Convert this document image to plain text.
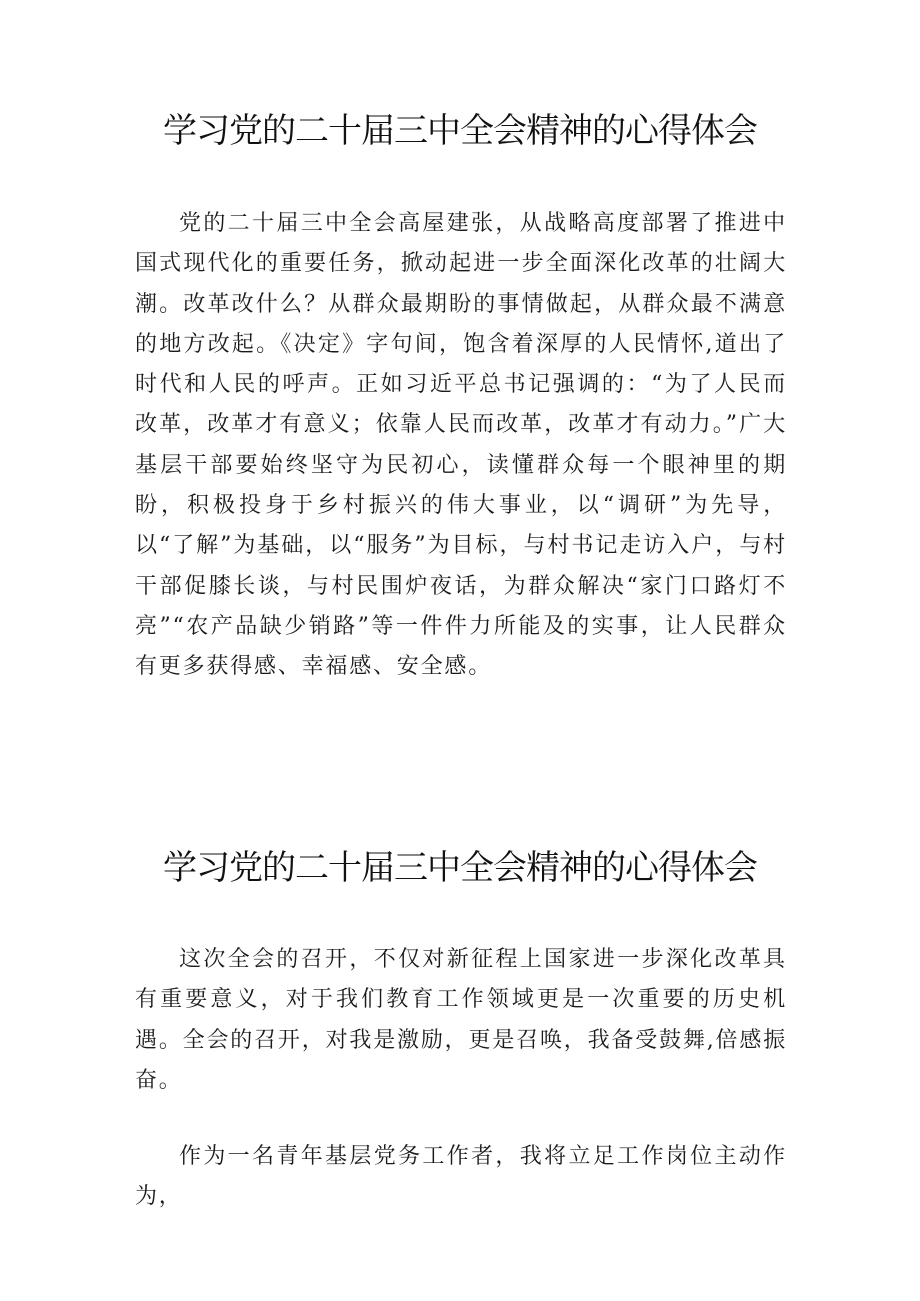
学习党的二十届三中全会精神的心得体会

党的二十届三中全会高屋建张，从战略高度部署了推进中国式现代化的重要任务，掀动起进一步全面深化改革的壮阔大潮。改革改什么？从群众最期盼的事情做起，从群众最不满意的地方改起。《决定》字句间，饱含着深厚的人民情怀,道出了时代和人民的呼声。正如习近平总书记强调的：“为了人民而改革，改革才有意义；依靠人民而改革，改革才有动力。”广大基层干部要始终坚守为民初心，读懂群众每一个眼神里的期盼，积极投身于乡村振兴的伟大事业，以“调研”为先导，以“了解”为基础，以“服务”为目标，与村书记走访入户，与村干部促膝长谈，与村民围炉夜话，为群众解决“家门口路灯不亮”“农产品缺少销路”等一件件力所能及的实事，让人民群众有更多获得感、幸福感、安全感。

学习党的二十届三中全会精神的心得体会

这次全会的召开，不仅对新征程上国家进一步深化改革具有重要意义，对于我们教育工作领域更是一次重要的历史机遇。全会的召开，对我是激励，更是召唤，我备受鼓舞,倍感振奋。

作为一名青年基层党务工作者，我将立足工作岗位主动作为，
